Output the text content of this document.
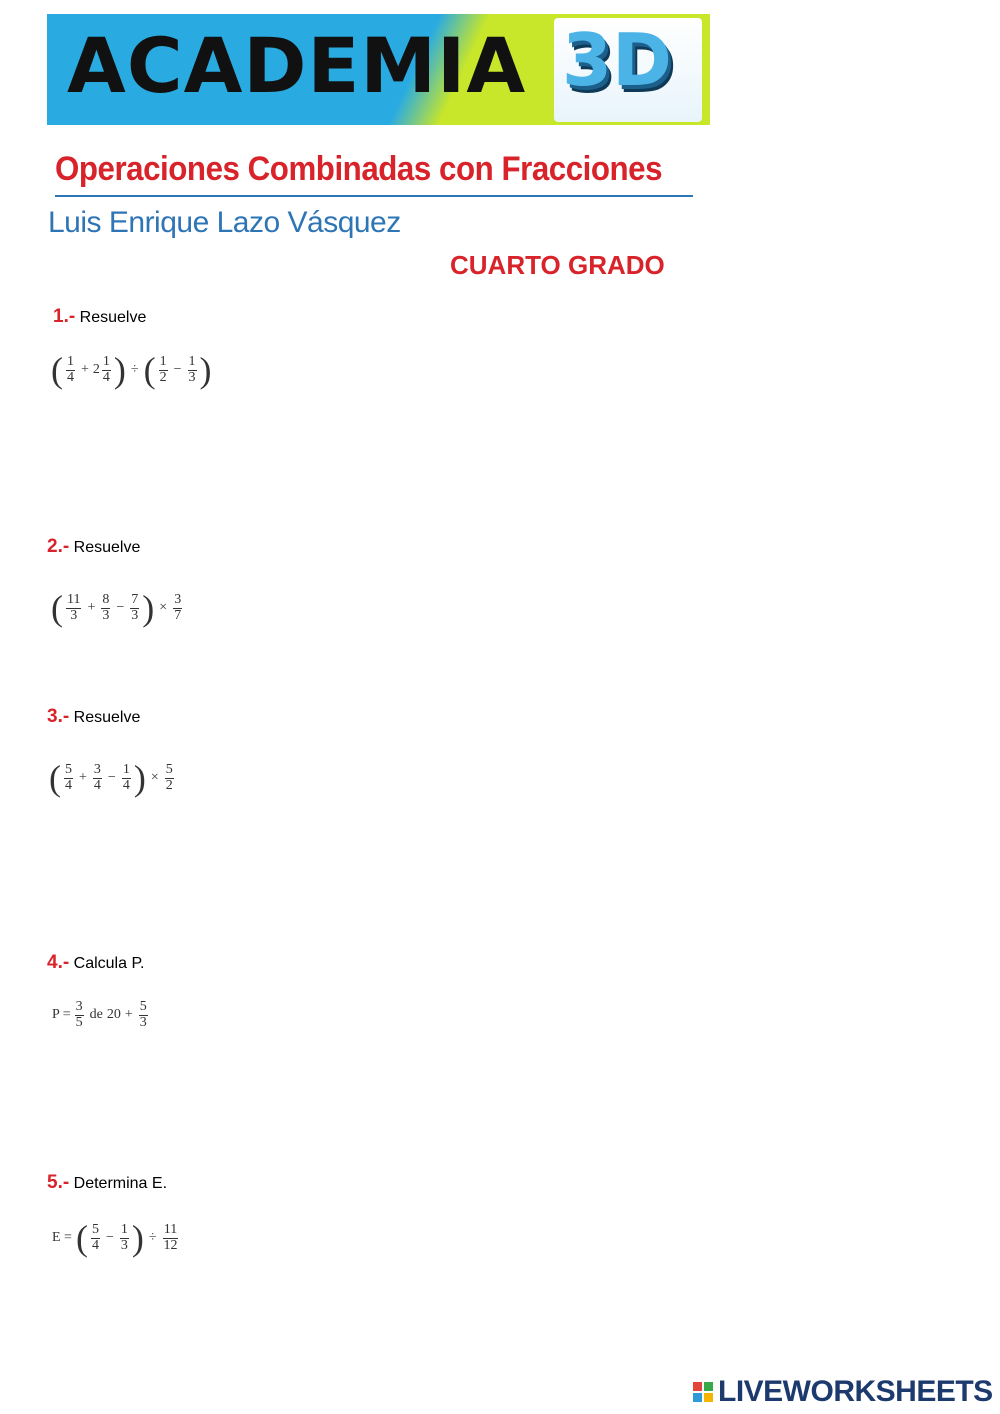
ACADEMIA 3D
Operaciones Combinadas con Fracciones
Luis Enrique Lazo Vásquez
CUARTO GRADO
1.- Resuelve
( $\frac{1}{4} + 2 \frac{1}{4}$ ) ÷ ( $\frac{1}{2} - \frac{1}{3}$ )
2.- Resuelve
( $\frac{11}{3} + \frac{8}{3} - \frac{7}{3}$ ) × $\frac{3}{7}$
3.- Resuelve
( $\frac{5}{4} + \frac{3}{4} - \frac{1}{4}$ ) × $\frac{5}{2}$
4.- Calcula P.
$P = \frac{3}{5}$ de $20 + \frac{5}{3}$
5.- Determina E.
E = ( $\frac{5}{4} - \frac{1}{3}$ ) ÷ $\frac{11}{12}$
LIVEWORKSHEETS
